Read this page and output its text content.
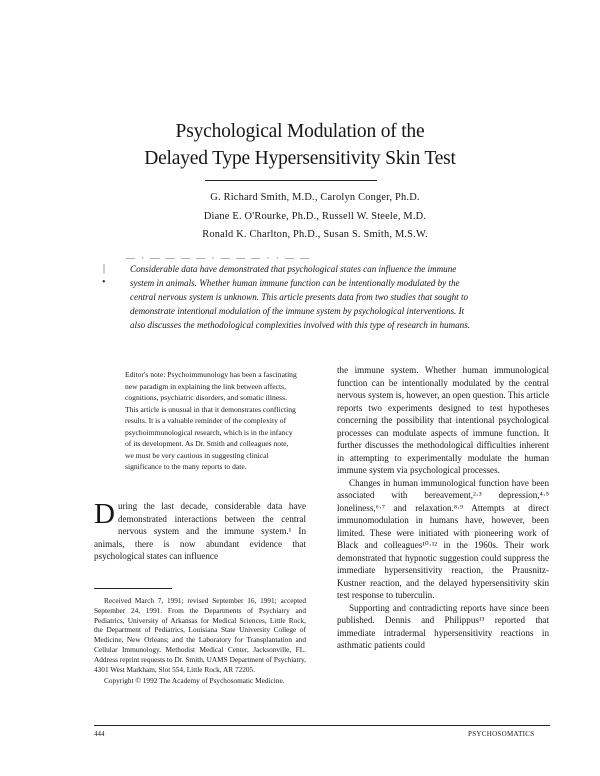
Psychological Modulation of the
Delayed Type Hypersensitivity Skin Test
G. Richard Smith, M.D., Carolyn Conger, Ph.D.
Diane E. O'Rourke, Ph.D., Russell W. Steele, M.D.
Ronald K. Charlton, Ph.D., Susan S. Smith, M.S.W.
— · — — — — · — — — · · — —
|
•
Considerable data have demonstrated that psychological states can influence the immune system in animals. Whether human immune function can be intentionally modulated by the central nervous system is unknown. This article presents data from two studies that sought to demonstrate intentional modulation of the immune system by psychological interventions. It also discusses the methodological complexities involved with this type of research in humans.
Editor's note: Psychoimmunology has been a fascinating new paradigm in explaining the link between affects, cognitions, psychiatric disorders, and somatic illness. This article is unusual in that it demonstrates conflicting results. It is a valuable reminder of the complexity of psychoimmunological research, which is in the infancy of its development. As Dr. Smith and colleagues note, we must be very cautious in suggesting clinical significance to the many reports to date.
During the last decade, considerable data have demonstrated interactions between the central nervous system and the immune system.¹ In animals, there is now abundant evidence that psychological states can influence

Received March 7, 1991; revised September 16, 1991; accepted September 24, 1991. From the Departments of Psychiatry and Pediatrics, University of Arkansas for Medical Sciences, Little Rock, the Department of Pediatrics, Louisiana State University College of Medicine, New Orleans; and the Laboratory for Transplantation and Cellular Immunology, Methodist Medical Center, Jacksonville, FL. Address reprint requests to Dr. Smith, UAMS Department of Psychiatry, 4301 West Markham, Slot 554, Little Rock, AR 72205.

Copyright © 1992 The Academy of Psychosomatic Medicine.

the immune system. Whether human immunological function can be intentionally modulated by the central nervous system is, however, an open question. This article reports two experiments designed to test hypotheses concerning the possibility that intentional psychological processes can modulate aspects of immune function. It further discusses the methodological difficulties inherent in attempting to experimentally modulate the human immune system via psychological processes.

Changes in human immunological function have been associated with bereavement,²·³ depression,⁴·⁵ loneliness,⁶·⁷ and relaxation.⁸·⁹ Attempts at direct immunomodulation in humans have, however, been limited. These were initiated with pioneering work of Black and colleagues¹⁰·¹² in the 1960s. Their work demonstrated that hypnotic suggestion could suppress the immediate hypersensitivity reaction, the Prausnitz-Kustner reaction, and the delayed hypersensitivity skin test response to tuberculin.

Supporting and contradicting reports have since been published. Dennis and Philippus¹³ reported that immediate intradermal hypersensitivity reactions in asthmatic patients could

444	PSYCHOSOMATICS
